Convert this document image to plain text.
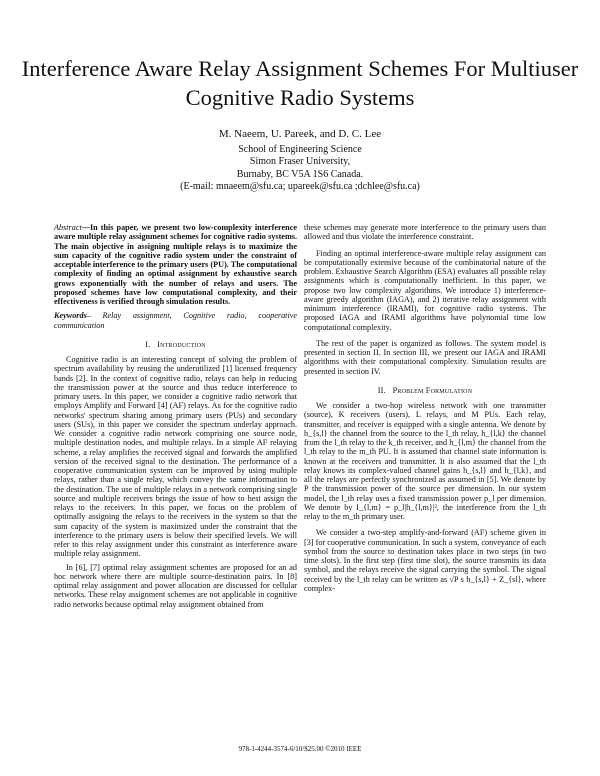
Interference Aware Relay Assignment Schemes For Multiuser Cognitive Radio Systems
M. Naeem, U. Pareek, and D. C. Lee
School of Engineering Science
Simon Fraser University,
Burnaby, BC V5A 1S6 Canada.
(E-mail: mnaeem@sfu.ca; upareek@sfu.ca ;dchlee@sfu.ca)
Abstract—In this paper, we present two low-complexity interference aware multiple relay assignment schemes for cognitive radio systems. The main objective in assigning multiple relays is to maximize the sum capacity of the cognitive radio system under the constraint of acceptable interference to the primary users (PU). The computational complexity of finding an optimal assignment by exhaustive search grows exponentially with the number of relays and users. The proposed schemes have low computational complexity, and their effectiveness is verified through simulation results.
Keywords– Relay assignment, Cognitive radio, cooperative communication
I. Introduction

Cognitive radio is an interesting concept of solving the problem of spectrum availability by reusing the underutilized [1] licensed frequency bands [2]. In the context of cognitive radio, relays can help in reducing the transmission power at the source and thus reduce interference to primary users. In this paper, we consider a cognitive radio network that employs Amplify and Forward [4] (AF) relays. As for the cognitive radio networks' spectrum sharing among primary users (PUs) and secondary users (SUs), in this paper we consider the spectrum underlay approach. We consider a cognitive radio network comprising one source node, multiple destination nodes, and multiple relays. In a simple AF relaying scheme, a relay amplifies the received signal and forwards the amplified version of the received signal to the destination. The performance of a cooperative communication system can be improved by using multiple relays, rather than a single relay, which convey the same information to the destination. The use of multiple relays in a network comprising single source and multiple receivers brings the issue of how to best assign the relays to the receivers. In this paper, we focus on the problem of optimally assigning the relays to the receivers in the system so that the sum capacity of the system is maximized under the constraint that the interference to the primary users is below their specified levels. We will refer to this relay assignment under this constraint as interference aware multiple relay assignment.

In [6], [7] optimal relay assignment schemes are proposed for an ad hoc network where there are multiple source-destination pairs. In [8] optimal relay assignment and power allocation are discussed for cellular networks. These relay assignment schemes are not applicable in cognitive radio networks because optimal relay assignment obtained from

these schemes may generate more interference to the primary users than allowed and thus violate the interference constraint.

Finding an optimal interference-aware multiple relay assignment can be computationally extensive because of the combinatorial nature of the problem. Exhaustive Search Algorithm (ESA) evaluates all possible relay assignments which is computationally inefficient. In this paper, we propose two low complexity algorithms. We introduce 1) interference-aware greedy algorithm (IAGA), and 2) iterative relay assignment with minimum interference (IRAMI), for cognitive radio systems. The proposed IAGA and IRAMI algorithms have polynomial time low computational complexity.

The rest of the paper is organized as follows. The system model is presented in section II. In section III, we present our IAGA and IRAMI algorithms with their computational complexity. Simulation results are presented in section IV.

II. Problem Formulation

We consider a two-hop wireless network with one transmitter (source), K receivers (users), L relays, and M PUs. Each relay, transmitter, and receiver is equipped with a single antenna. We denote by h_{s,l} the channel from the source to the l_th relay, h_{l,k} the channel from the l_th relay to the k_th receiver, and h_{l,m} the channel from the l_th relay to the m_th PU. It is assumed that channel state information is known at the receivers and transmitter. It is also assumed that the l_th relay knows its complex-valued channel gains h_{s,l} and h_{l,k}, and all the relays are perfectly synchronized as assumed in [5]. We denote by P the transmission power of the source per dimension. In our system model, the l_th relay uses a fixed transmission power p_l per dimension. We denote by I_{l,m} = p_l|h_{l,m}|², the interference from the l_th relay to the m_th primary user.

We consider a two-step amplify-and-forward (AF) scheme given in [3] for cooperative communication. In such a system, conveyance of each symbol from the source to destination takes place in two steps (in two time slots). In the first step (first time slot), the source transmits its data symbol, and the relays receive the signal carrying the symbol. The signal received by the l_th relay can be written as √P s h_{s,l} + Z_{sl}, where complex-

978-1-4244-3574-6/10/$25.00 ©2010 IEEE
